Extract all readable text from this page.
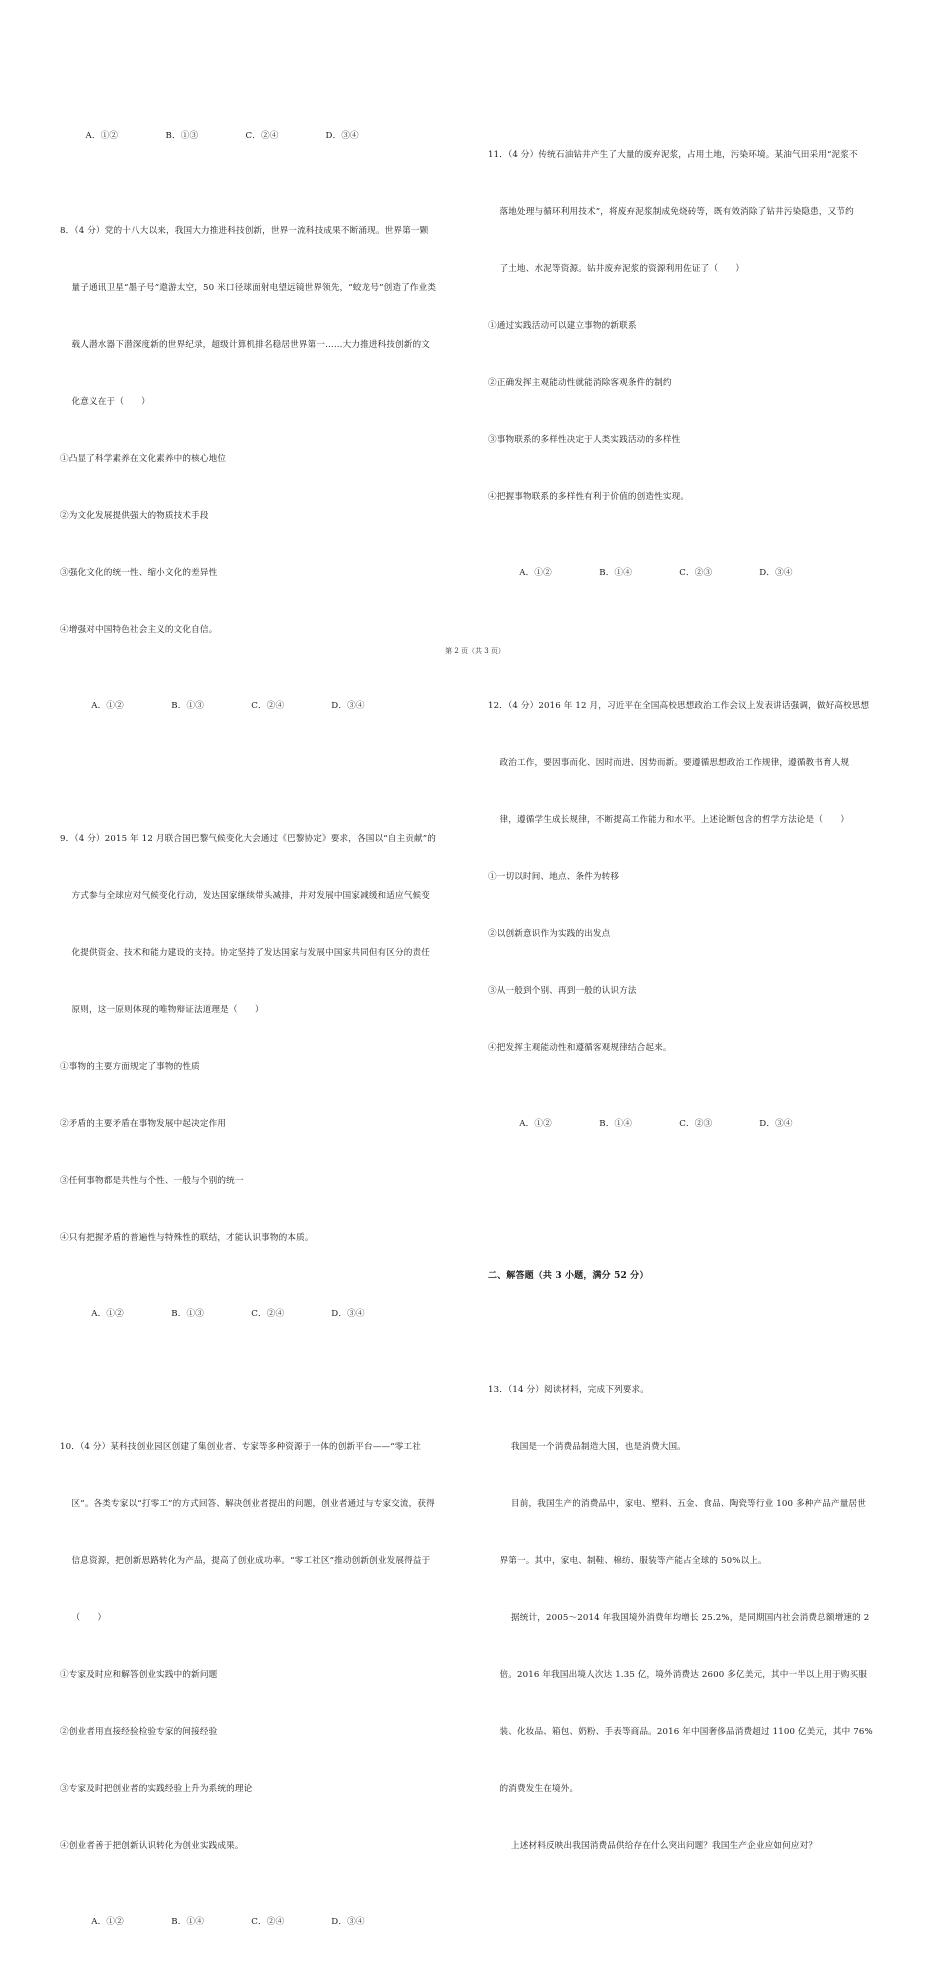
A．①②	B．①③	C．②④	D．③④

8．（4 分）党的十八大以来，我国大力推进科技创新，世界一流科技成果不断涌现。世界第一颗

量子通讯卫星“墨子号”遨游太空，50 米口径球面射电望远镜世界领先，“蛟龙号”创造了作业类

载人潜水器下潜深度新的世界纪录，超级计算机排名稳居世界第一……大力推进科技创新的文

化意义在于（      ）

①凸显了科学素养在文化素养中的核心地位

②为文化发展提供强大的物质技术手段

③强化文化的统一性、缩小文化的差异性

④增强对中国特色社会主义的文化自信。

A．①②	B．①③	C．②④	D．③④

9．（4 分）2015 年 12 月联合国巴黎气候变化大会通过《巴黎协定》要求，各国以“自主贡献”的

方式参与全球应对气候变化行动，发达国家继续带头减排，并对发展中国家减缓和适应气候变

化提供资金、技术和能力建设的支持。协定坚持了发达国家与发展中国家共同但有区分的责任

原则，这一原则体现的唯物辩证法道理是（      ）

①事物的主要方面规定了事物的性质

②矛盾的主要矛盾在事物发展中起决定作用

③任何事物都是共性与个性、一般与个别的统一

④只有把握矛盾的普遍性与特殊性的联结，才能认识事物的本质。

A．①②	B．①③	C．②④	D．③④

10．（4 分）某科技创业园区创建了集创业者、专家等多种资源于一体的创新平台——“零工社

区”。各类专家以“打零工”的方式回答、解决创业者提出的问题，创业者通过与专家交流，获得

信息资源，把创新思路转化为产品，提高了创业成功率。“零工社区”推动创新创业发展得益于

（      ）

①专家及时应和解答创业实践中的新问题

②创业者用直接经验检验专家的间接经验

③专家及时把创业者的实践经验上升为系统的理论

④创业者善于把创新认识转化为创业实践成果。

A．①②	B．①④	C．②④	D．③④

11．（4 分）传统石油钻井产生了大量的废弃泥浆，占用土地，污染环境。某油气田采用“泥浆不

落地处理与循环利用技术”，将废弃泥浆制成免烧砖等，既有效消除了钻井污染隐患，又节约

了土地、水泥等资源。钻井废弃泥浆的资源利用佐证了（      ）

①通过实践活动可以建立事物的新联系

②正确发挥主观能动性就能消除客观条件的制约

③事物联系的多样性决定于人类实践活动的多样性

④把握事物联系的多样性有利于价值的创造性实现。

A．①②	B．①④	C．②③	D．③④

12．（4 分）2016 年 12 月，习近平在全国高校思想政治工作会议上发表讲话强调，做好高校思想

政治工作，要因事而化、因时而进、因势而新。要遵循思想政治工作规律，遵循教书育人规

律，遵循学生成长规律，不断提高工作能力和水平。上述论断包含的哲学方法论是（      ）

①一切以时间、地点、条件为转移

②以创新意识作为实践的出发点

③从一般到个别、再到一般的认识方法

④把发挥主观能动性和遵循客观规律结合起来。

A．①②	B．①④	C．②③	D．③④

二、解答题（共 3 小题，满分 52 分）

13．（14 分）阅读材料，完成下列要求。

我国是一个消费品制造大国，也是消费大国。

目前，我国生产的消费品中，家电、塑料、五金、食品、陶瓷等行业 100 多种产品产量居世

界第一。其中，家电、制鞋、棉纺、服装等产能占全球的 50%以上。

据统计，2005～2014 年我国境外消费年均增长 25.2%，是同期国内社会消费总额增速的 2

倍。2016 年我国出境人次达 1.35 亿，境外消费达 2600 多亿美元，其中一半以上用于购买服

装、化妆品、箱包、奶粉、手表等商品。2016 年中国奢侈品消费超过 1100 亿美元，其中 76%

的消费发生在境外。

上述材料反映出我国消费品供给存在什么突出问题？我国生产企业应如何应对？

第 2 页（共 3 页）
